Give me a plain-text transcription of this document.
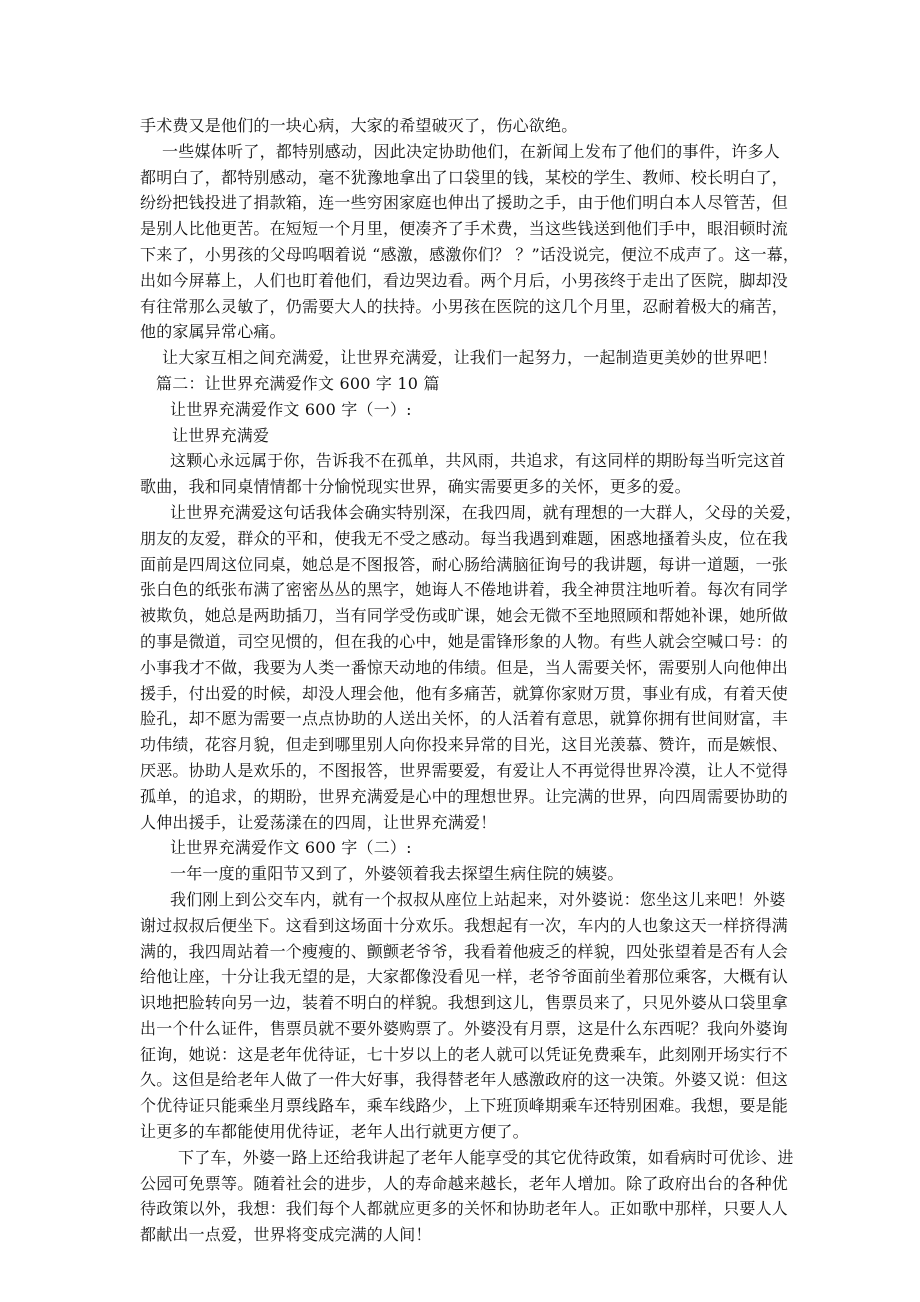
手术费又是他们的一块心病，大家的希望破灭了，伤心欲绝。
一些媒体听了，都特别感动，因此决定协助他们，在新闻上发布了他们的事件，许多人
都明白了，都特别感动，毫不犹豫地拿出了口袋里的钱，某校的学生、教师、校长明白了，
纷纷把钱投进了捐款箱，连一些穷困家庭也伸出了援助之手，由于他们明白本人尽管苦，但
是别人比他更苦。在短短一个月里，便凑齐了手术费，当这些钱送到他们手中，眼泪顿时流
下来了，小男孩的父母呜咽着说 “感激，感激你们？ ？”话没说完，便泣不成声了。这一幕，
出如今屏幕上，人们也盯着他们，看边哭边看。两个月后，小男孩终于走出了医院，脚却没
有往常那么灵敏了，仍需要大人的扶持。小男孩在医院的这几个月里，忍耐着极大的痛苦，
他的家属异常心痛。
让大家互相之间充满爱，让世界充满爱，让我们一起努力，一起制造更美妙的世界吧！
篇二：让世界充满爱作文 600 字 10 篇
让世界充满爱作文 600 字（一）:
让世界充满爱
这颗心永远属于你，告诉我不在孤单，共风雨，共追求，有这同样的期盼每当听完这首
歌曲，我和同桌情情都十分愉悦现实世界，确实需要更多的关怀，更多的爱。
让世界充满爱这句话我体会确实特别深，在我四周，就有理想的一大群人，父母的关爱，
朋友的友爱，群众的平和，使我无不受之感动。每当我遇到难题，困惑地搔着头皮，位在我
面前是四周这位同桌，她总是不图报答，耐心肠给满脑征询号的我讲题，每讲一道题，一张
张白色的纸张布满了密密丛丛的黑字，她诲人不倦地讲着，我全神贯注地听着。每次有同学
被欺负，她总是两助插刀，当有同学受伤或旷课，她会无微不至地照顾和帮她补课，她所做
的事是微道，司空见惯的，但在我的心中，她是雷锋形象的人物。有些人就会空喊口号：的
小事我才不做，我要为人类一番惊天动地的伟绩。但是，当人需要关怀，需要别人向他伸出
援手，付出爱的时候，却没人理会他，他有多痛苦，就算你家财万贯，事业有成，有着天使
脸孔，却不愿为需要一点点协助的人送出关怀，的人活着有意思，就算你拥有世间财富，丰
功伟绩，花容月貌，但走到哪里别人向你投来异常的目光，这目光羡慕、赞许，而是嫉恨、
厌恶。协助人是欢乐的，不图报答，世界需要爱，有爱让人不再觉得世界冷漠，让人不觉得
孤单，的追求，的期盼，世界充满爱是心中的理想世界。让完满的世界，向四周需要协助的
人伸出援手，让爱荡漾在的四周，让世界充满爱！
让世界充满爱作文 600 字（二）:
一年一度的重阳节又到了，外婆领着我去探望生病住院的姨婆。
我们刚上到公交车内，就有一个叔叔从座位上站起来，对外婆说：您坐这儿来吧！外婆
谢过叔叔后便坐下。这看到这场面十分欢乐。我想起有一次，车内的人也象这天一样挤得满
满的，我四周站着一个瘦瘦的、颤颤老爷爷，我看着他疲乏的样貌，四处张望着是否有人会
给他让座，十分让我无望的是，大家都像没看见一样，老爷爷面前坐着那位乘客，大概有认
识地把脸转向另一边，装着不明白的样貌。我想到这儿，售票员来了，只见外婆从口袋里拿
出一个什么证件，售票员就不要外婆购票了。外婆没有月票，这是什么东西呢？我向外婆询
征询，她说：这是老年优待证，七十岁以上的老人就可以凭证免费乘车，此刻刚开场实行不
久。这但是给老年人做了一件大好事，我得替老年人感激政府的这一决策。外婆又说：但这
个优待证只能乘坐月票线路车，乘车线路少，上下班顶峰期乘车还特别困难。我想，要是能
让更多的车都能使用优待证，老年人出行就更方便了。
下了车，外婆一路上还给我讲起了老年人能享受的其它优待政策，如看病时可优诊、进
公园可免票等。随着社会的进步，人的寿命越来越长，老年人增加。除了政府出台的各种优
待政策以外，我想：我们每个人都就应更多的关怀和协助老年人。正如歌中那样，只要人人
都献出一点爱，世界将变成完满的人间！
